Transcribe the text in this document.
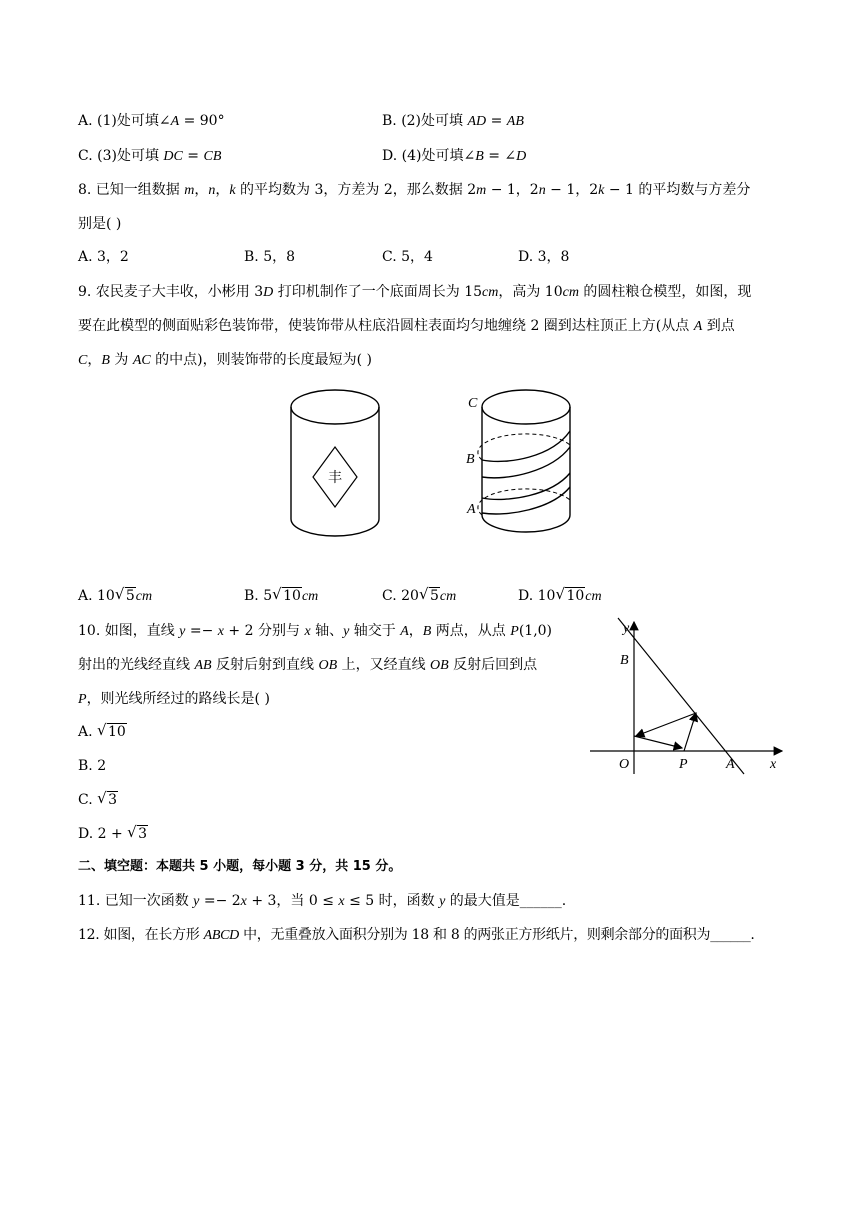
A. (1)处可填∠A = 90°	B. (2)处可填 AD = AB
C. (3)处可填 DC = CB	D. (4)处可填∠B = ∠D
8. 已知一组数据 m，n，k 的平均数为 3，方差为 2，那么数据 2m − 1，2n − 1，2k − 1 的平均数与方差分
别是( )
A. 3，2	B. 5，8	C. 5，4	D. 3，8
9. 农民麦子大丰收，小彬用 3D 打印机制作了一个底面周长为 15cm，高为 10cm 的圆柱粮仓模型，如图，现
要在此模型的侧面贴彩色装饰带，使装饰带从柱底沿圆柱表面均匀地缠绕 2 圈到达柱顶正上方(从点 A 到点
C，B 为 AC 的中点)，则装饰带的长度最短为( )
丰
C
B
A
A. 10 √ 5cm	B. 5 √ 10cm	C. 20 √ 5cm	D. 10 √ 10cm
10. 如图，直线 y =− x + 2 分别与 x 轴、y 轴交于 A，B 两点，从点 P(1,0)
射出的光线经直线 AB 反射后射到直线 OB 上，又经直线 OB 反射后回到点
P，则光线所经过的路线长是( )
A. √ 10
B. 2
C. √ 3
D. 2 + √ 3
y
x
B
O	P	A
二、填空题：本题共 5 小题，每小题 3 分，共 15 分。
11. 已知一次函数 y =− 2x + 3，当 0 ≤ x ≤ 5 时，函数 y 的最大值是______.
12. 如图，在长方形 ABCD 中，无重叠放入面积分别为 18 和 8 的两张正方形纸片，则剩余部分的面积为______.
